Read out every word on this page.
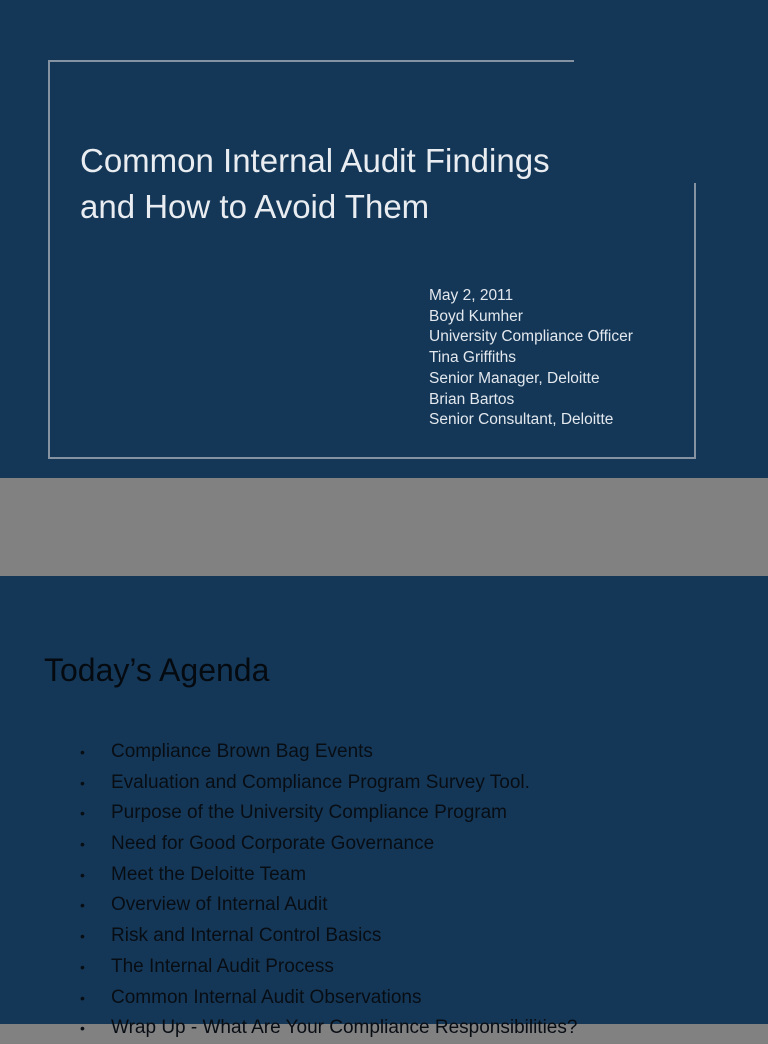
Common Internal Audit Findings
and How to Avoid Them
May 2, 2011
Boyd Kumher
University Compliance Officer
Tina Griffiths
Senior Manager, Deloitte
Brian Bartos
Senior Consultant, Deloitte
Today’s Agenda
• Compliance Brown Bag Events
• Evaluation and Compliance Program Survey Tool.
• Purpose of the University Compliance Program
• Need for Good Corporate Governance
• Meet the Deloitte Team
• Overview of Internal Audit
• Risk and Internal Control Basics
• The Internal Audit Process
• Common Internal Audit Observations
• Wrap Up - What Are Your Compliance Responsibilities?
